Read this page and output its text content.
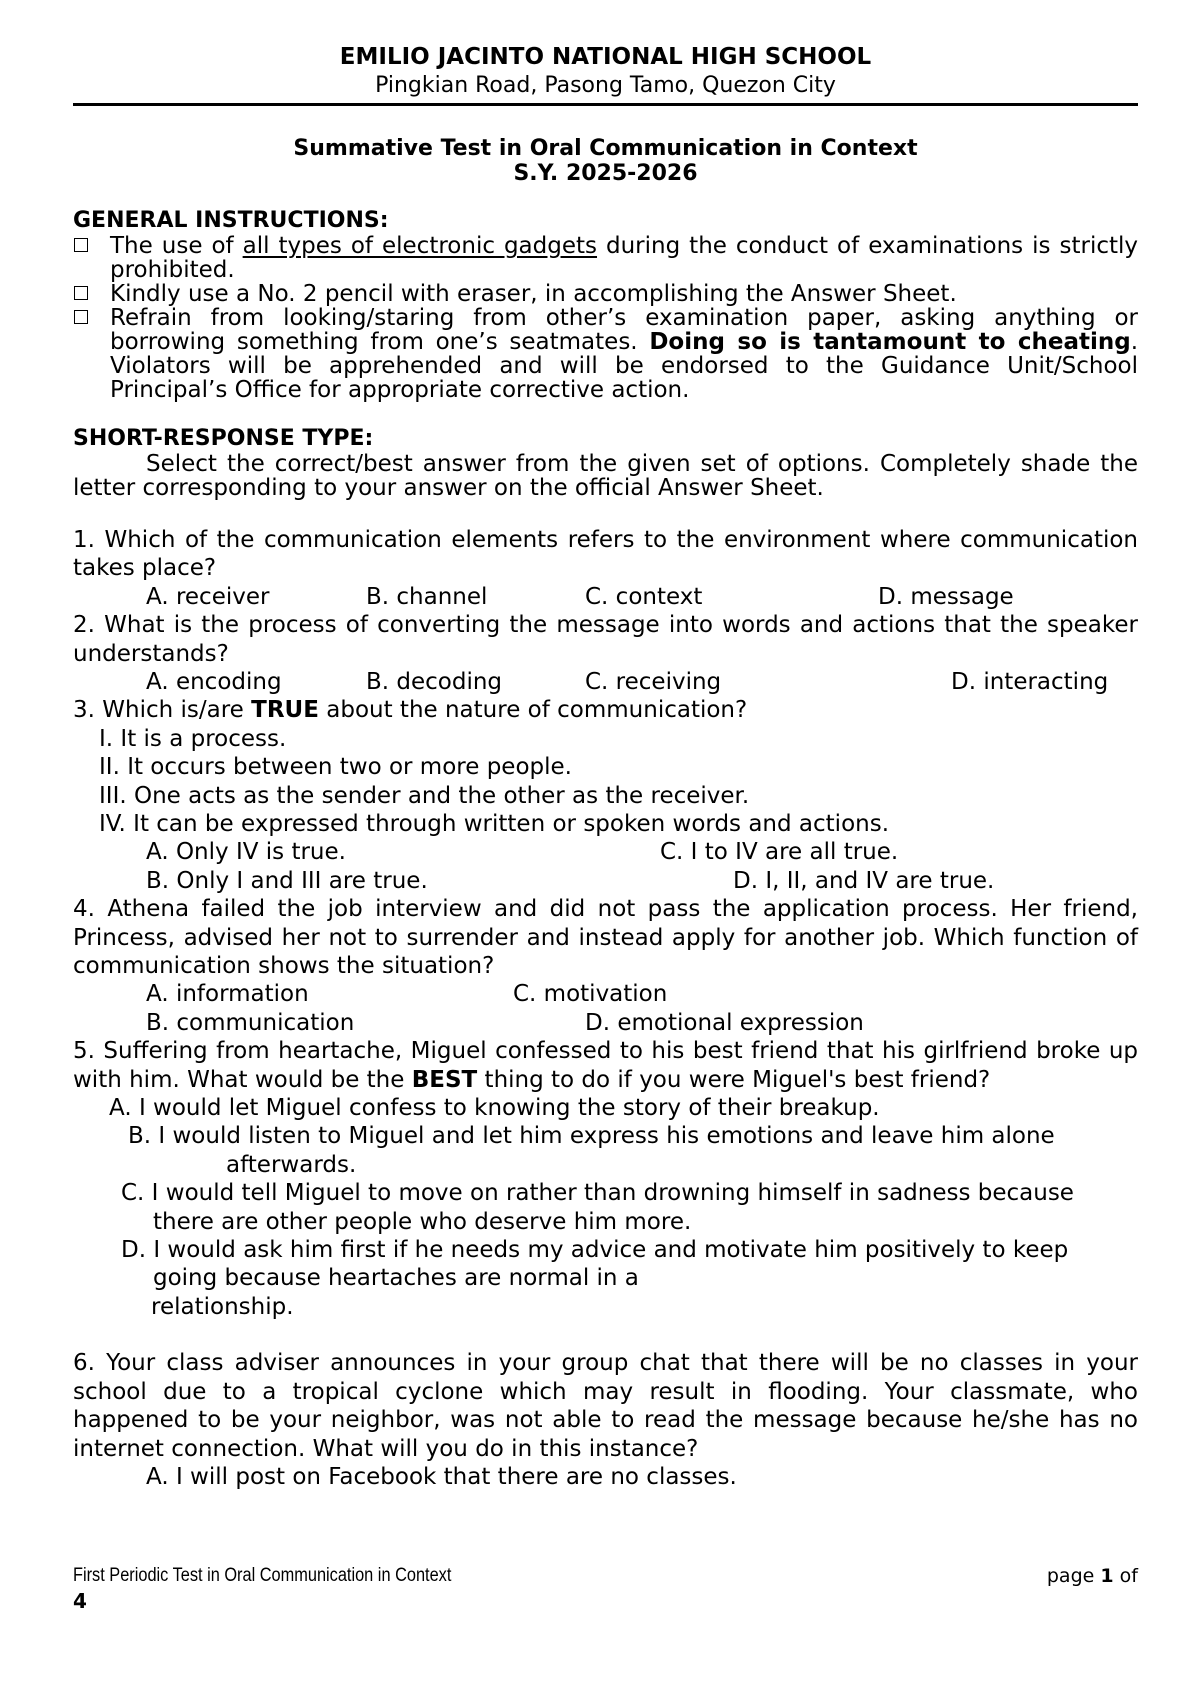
EMILIO JACINTO NATIONAL HIGH SCHOOL
Pingkian Road, Pasong Tamo, Quezon City
Summative Test in Oral Communication in Context
S.Y. 2025-2026
GENERAL INSTRUCTIONS:
The use of all types of electronic gadgets during the conduct of examinations is strictly prohibited.
Kindly use a No. 2 pencil with eraser, in accomplishing the Answer Sheet.
Refrain from looking/staring from other’s examination paper, asking anything or borrowing something from one’s seatmates. Doing so is tantamount to cheating. Violators will be apprehended and will be endorsed to the Guidance Unit/School Principal’s Office for appropriate corrective action.
SHORT-RESPONSE TYPE:

Select the correct/best answer from the given set of options. Completely shade the letter corresponding to your answer on the official Answer Sheet.

1. Which of the communication elements refers to the environment where communication takes place?

A. receiver	B. channel	C. context	D. message

2. What is the process of converting the message into words and actions that the speaker understands?

A. encoding	B. decoding	C. receiving	D. interacting

3. Which is/are TRUE about the nature of communication?

I. It is a process.

II. It occurs between two or more people.

III. One acts as the sender and the other as the receiver.

IV. It can be expressed through written or spoken words and actions.

A. Only IV is true.	C. I to IV are all true.
B. Only I and III are true.	D. I, II, and IV are true.

4. Athena failed the job interview and did not pass the application process. Her friend, Princess, advised her not to surrender and instead apply for another job. Which function of communication shows the situation?

A. information	C. motivation
B. communication	D. emotional expression

5. Suffering from heartache, Miguel confessed to his best friend that his girlfriend broke up with him. What would be the BEST thing to do if you were Miguel's best friend?

A. I would let Miguel confess to knowing the story of their breakup.

B. I would listen to Miguel and let him express his emotions and leave him alone

afterwards.

C. I would tell Miguel to move on rather than drowning himself in sadness because

there are other people who deserve him more.

D. I would ask him first if he needs my advice and motivate him positively to keep

going because heartaches are normal in a

relationship.

6. Your class adviser announces in your group chat that there will be no classes in your school due to a tropical cyclone which may result in flooding. Your classmate, who happened to be your neighbor, was not able to read the message because he/she has no internet connection. What will you do in this instance?

A. I will post on Facebook that there are no classes.

First Periodic Test in Oral Communication in Context	page 1 of
4
